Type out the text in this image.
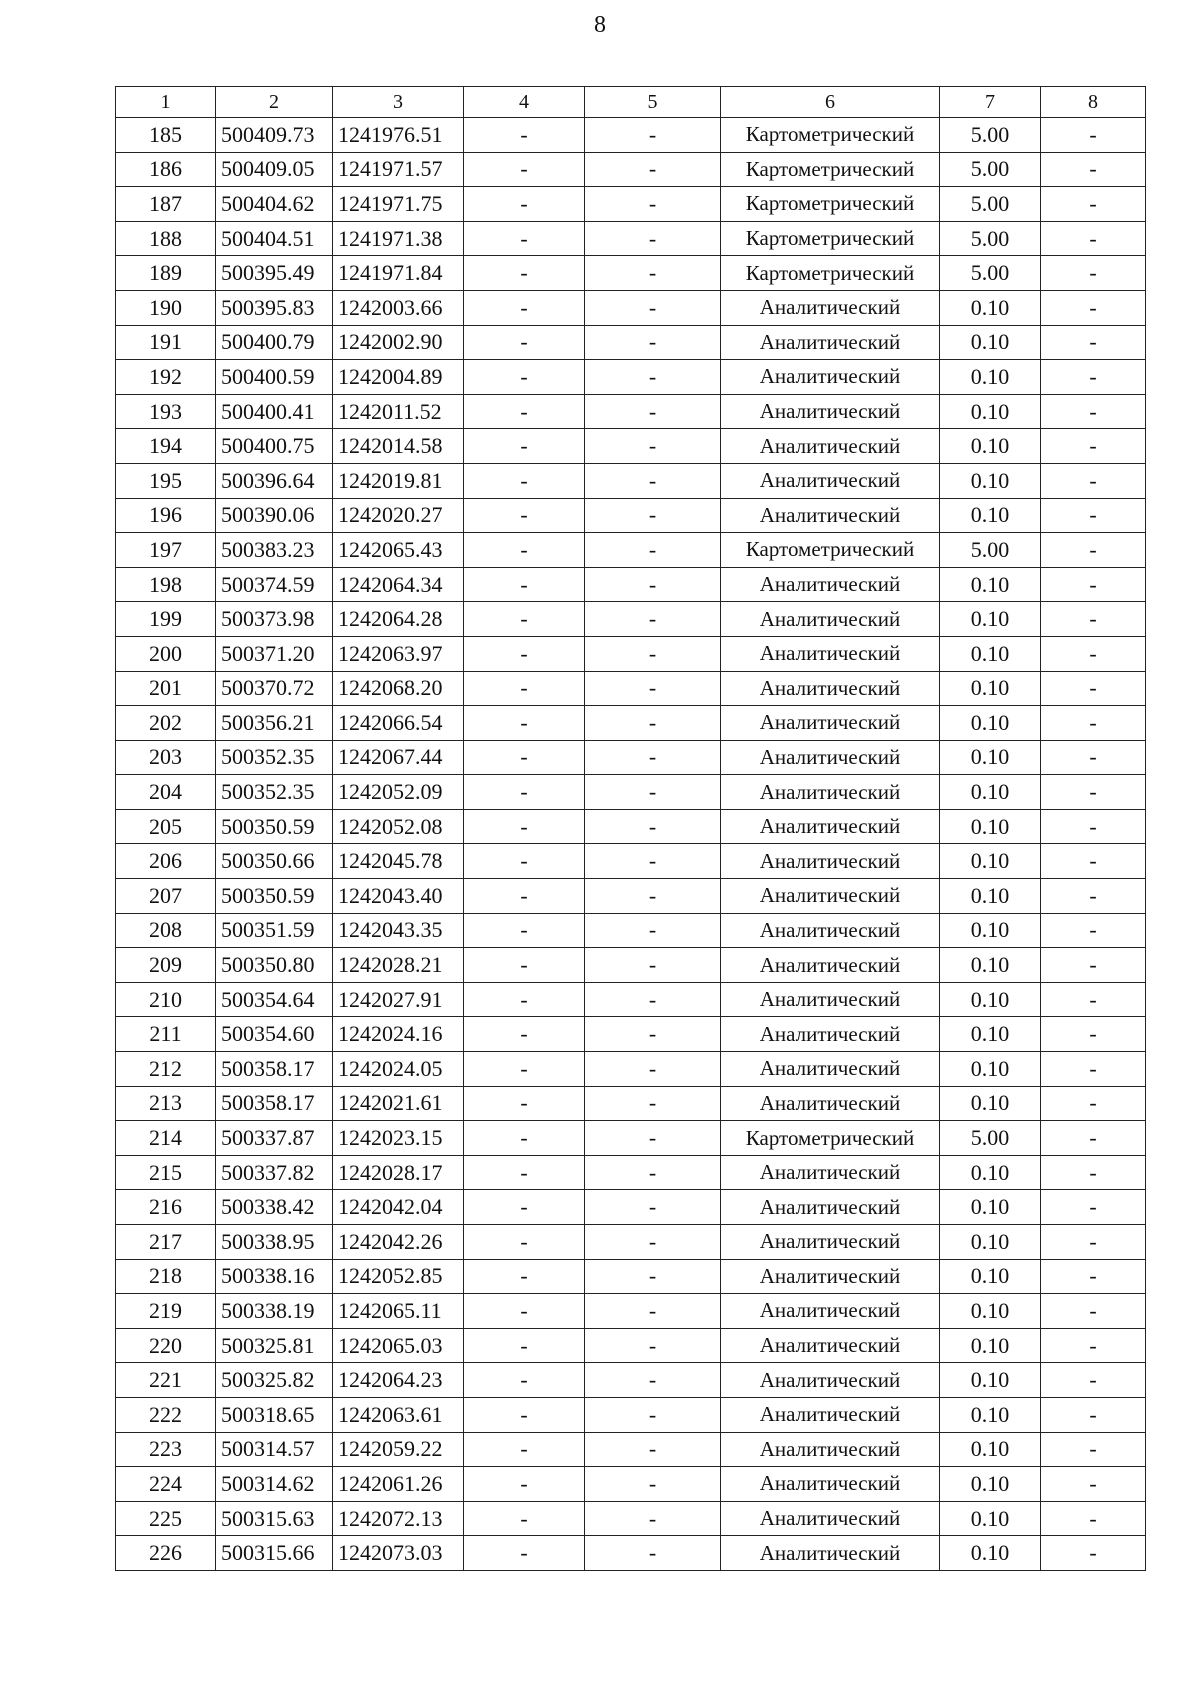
8
1	2	3	4	5	6	7	8
185	500409.73	1241976.51	-	-	Картометрический	5.00	-
186	500409.05	1241971.57	-	-	Картометрический	5.00	-
187	500404.62	1241971.75	-	-	Картометрический	5.00	-
188	500404.51	1241971.38	-	-	Картометрический	5.00	-
189	500395.49	1241971.84	-	-	Картометрический	5.00	-
190	500395.83	1242003.66	-	-	Аналитический	0.10	-
191	500400.79	1242002.90	-	-	Аналитический	0.10	-
192	500400.59	1242004.89	-	-	Аналитический	0.10	-
193	500400.41	1242011.52	-	-	Аналитический	0.10	-
194	500400.75	1242014.58	-	-	Аналитический	0.10	-
195	500396.64	1242019.81	-	-	Аналитический	0.10	-
196	500390.06	1242020.27	-	-	Аналитический	0.10	-
197	500383.23	1242065.43	-	-	Картометрический	5.00	-
198	500374.59	1242064.34	-	-	Аналитический	0.10	-
199	500373.98	1242064.28	-	-	Аналитический	0.10	-
200	500371.20	1242063.97	-	-	Аналитический	0.10	-
201	500370.72	1242068.20	-	-	Аналитический	0.10	-
202	500356.21	1242066.54	-	-	Аналитический	0.10	-
203	500352.35	1242067.44	-	-	Аналитический	0.10	-
204	500352.35	1242052.09	-	-	Аналитический	0.10	-
205	500350.59	1242052.08	-	-	Аналитический	0.10	-
206	500350.66	1242045.78	-	-	Аналитический	0.10	-
207	500350.59	1242043.40	-	-	Аналитический	0.10	-
208	500351.59	1242043.35	-	-	Аналитический	0.10	-
209	500350.80	1242028.21	-	-	Аналитический	0.10	-
210	500354.64	1242027.91	-	-	Аналитический	0.10	-
211	500354.60	1242024.16	-	-	Аналитический	0.10	-
212	500358.17	1242024.05	-	-	Аналитический	0.10	-
213	500358.17	1242021.61	-	-	Аналитический	0.10	-
214	500337.87	1242023.15	-	-	Картометрический	5.00	-
215	500337.82	1242028.17	-	-	Аналитический	0.10	-
216	500338.42	1242042.04	-	-	Аналитический	0.10	-
217	500338.95	1242042.26	-	-	Аналитический	0.10	-
218	500338.16	1242052.85	-	-	Аналитический	0.10	-
219	500338.19	1242065.11	-	-	Аналитический	0.10	-
220	500325.81	1242065.03	-	-	Аналитический	0.10	-
221	500325.82	1242064.23	-	-	Аналитический	0.10	-
222	500318.65	1242063.61	-	-	Аналитический	0.10	-
223	500314.57	1242059.22	-	-	Аналитический	0.10	-
224	500314.62	1242061.26	-	-	Аналитический	0.10	-
225	500315.63	1242072.13	-	-	Аналитический	0.10	-
226	500315.66	1242073.03	-	-	Аналитический	0.10	-
